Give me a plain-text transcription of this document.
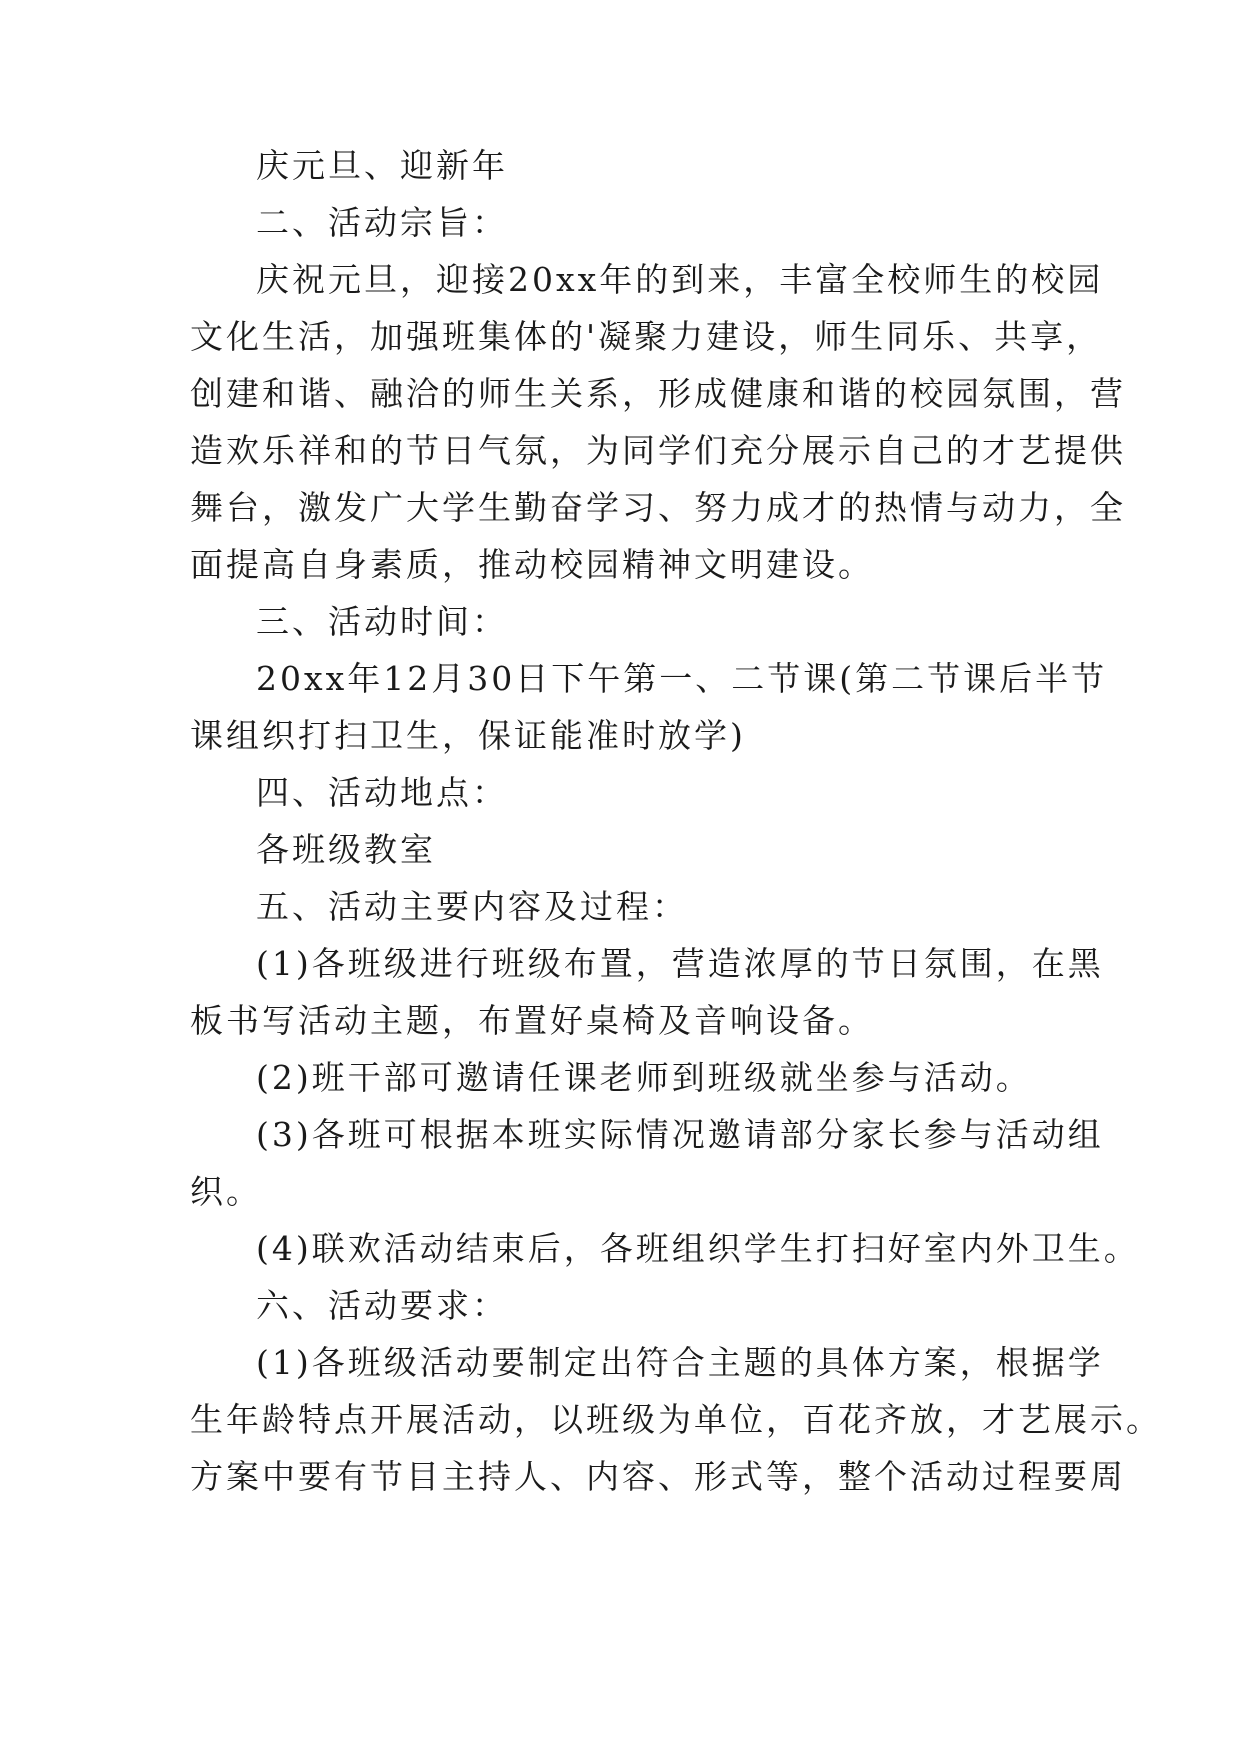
庆元旦、迎新年
二、活动宗旨：
庆祝元旦，迎接20xx年的到来，丰富全校师生的校园
文化生活，加强班集体的'凝聚力建设，师生同乐、共享，
创建和谐、融洽的师生关系，形成健康和谐的校园氛围，营
造欢乐祥和的节日气氛，为同学们充分展示自己的才艺提供
舞台，激发广大学生勤奋学习、努力成才的热情与动力，全
面提高自身素质，推动校园精神文明建设。
三、活动时间：
20xx年12月30日下午第一、二节课(第二节课后半节
课组织打扫卫生，保证能准时放学)
四、活动地点：
各班级教室
五、活动主要内容及过程：
(1)各班级进行班级布置，营造浓厚的节日氛围，在黑
板书写活动主题，布置好桌椅及音响设备。
(2)班干部可邀请任课老师到班级就坐参与活动。
(3)各班可根据本班实际情况邀请部分家长参与活动组
织。
(4)联欢活动结束后，各班组织学生打扫好室内外卫生。
六、活动要求：
(1)各班级活动要制定出符合主题的具体方案，根据学
生年龄特点开展活动，以班级为单位，百花齐放，才艺展示。
方案中要有节目主持人、内容、形式等，整个活动过程要周
